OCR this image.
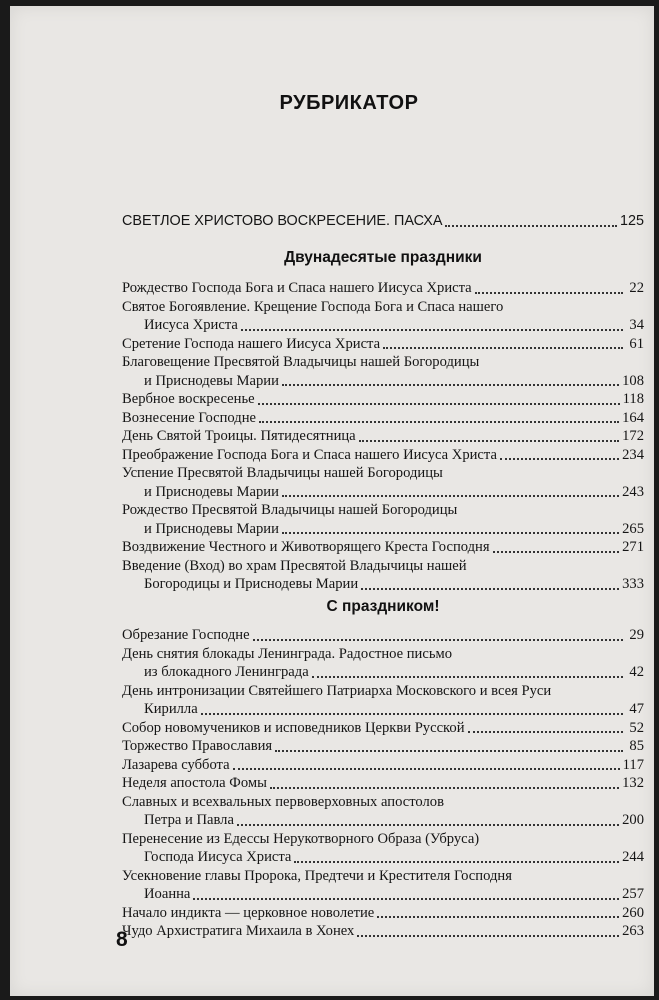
РУБРИКАТОР
СВЕТЛОЕ ХРИСТОВО ВОСКРЕСЕНИЕ. ПАСХА	125
Двунадесятые праздники
Рождество Господа Бога и Спаса нашего Иисуса Христа	22
Святое Богоявление. Крещение Господа Бога и Спаса нашего
Иисуса Христа	34
Сретение Господа нашего Иисуса Христа	61
Благовещение Пресвятой Владычицы нашей Богородицы
и Приснодевы Марии	108
Вербное воскресенье	118
Вознесение Господне	164
День Святой Троицы. Пятидесятница	172
Преображение Господа Бога и Спаса нашего Иисуса Христа	234
Успение Пресвятой Владычицы нашей Богородицы
и Приснодевы Марии	243
Рождество Пресвятой Владычицы нашей Богородицы
и Приснодевы Марии	265
Воздвижение Честного и Животворящего Креста Господня	271
Введение (Вход) во храм Пресвятой Владычицы нашей
Богородицы и Приснодевы Марии	333
С праздником!
Обрезание Господне	29
День снятия блокады Ленинграда. Радостное письмо
из блокадного Ленинграда	42
День интронизации Святейшего Патриарха Московского и всея Руси
Кирилла	47
Собор новомучеников и исповедников Церкви Русской	52
Торжество Православия	85
Лазарева суббота	117
Неделя апостола Фомы	132
Славных и всехвальных первоверховных апостолов
Петра и Павла	200
Перенесение из Едессы Нерукотворного Образа (Убруса)
Господа Иисуса Христа	244
Усекновение главы Пророка, Предтечи и Крестителя Господня
Иоанна	257
Начало индикта — церковное новолетие	260
Чудо Архистратига Михаила в Хонех	263
8
